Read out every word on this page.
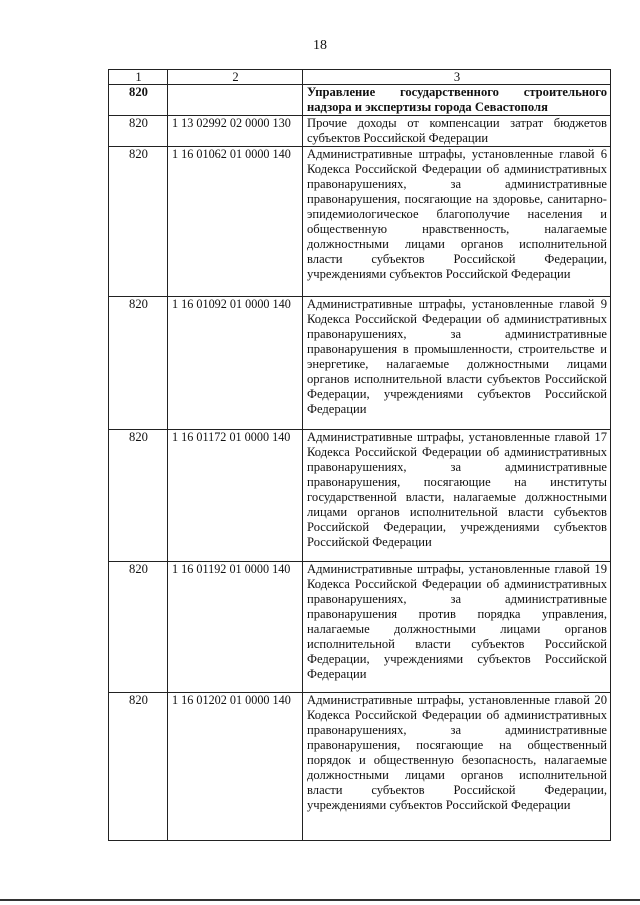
18
1	2	3
820		Управление государственного строительного надзора и экспертизы города Севастополя
820	1 13 02992 02 0000 130	Прочие доходы от компенсации затрат бюджетов субъектов Российской Федерации
820	1 16 01062 01 0000 140	Административные штрафы, установленные главой 6 Кодекса Российской Федерации об административных правонарушениях, за административные правонарушения, посягающие на здоровье, санитарно-эпидемиологическое благополучие населения и общественную нравственность, налагаемые должностными лицами органов исполнительной власти субъектов Российской Федерации, учреждениями субъектов Российской Федерации
820	1 16 01092 01 0000 140	Административные штрафы, установленные главой 9 Кодекса Российской Федерации об административных правонарушениях, за административные правонарушения в промышленности, строительстве и энергетике, налагаемые должностными лицами органов исполнительной власти субъектов Российской Федерации, учреждениями субъектов Российской Федерации
820	1 16 01172 01 0000 140	Административные штрафы, установленные главой 17 Кодекса Российской Федерации об административных правонарушениях, за административные правонарушения, посягающие на институты государственной власти, налагаемые должностными лицами органов исполнительной власти субъектов Российской Федерации, учреждениями субъектов Российской Федерации
820	1 16 01192 01 0000 140	Административные штрафы, установленные главой 19 Кодекса Российской Федерации об административных правонарушениях, за административные правонарушения против порядка управления, налагаемые должностными лицами органов исполнительной власти субъектов Российской Федерации, учреждениями субъектов Российской Федерации
820	1 16 01202 01 0000 140	Административные штрафы, установленные главой 20 Кодекса Российской Федерации об административных правонарушениях, за административные правонарушения, посягающие на общественный порядок и общественную безопасность, налагаемые должностными лицами органов исполнительной власти субъектов Российской Федерации, учреждениями субъектов Российской Федерации
